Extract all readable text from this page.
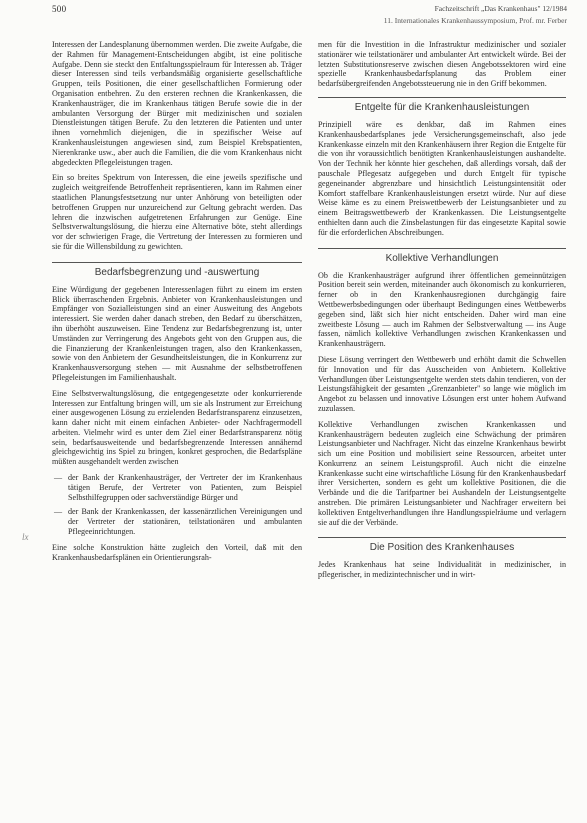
500	Fachzeitschrift „Das Krankenhaus" 12/1984
11. Internationales Krankenhaussymposium, Prof. mr. Ferber
lx

Interessen der Landesplanung übernommen werden. Die zweite Aufgabe, die der Rahmen für Management-Entscheidungen abgibt, ist eine politische Aufgabe. Denn sie steckt den Entfaltungsspielraum für Interessen ab. Träger dieser Interessen sind teils verbandsmäßig organisierte gesellschaftliche Gruppen, teils Positionen, die einer gesellschaftlichen Formierung oder Organisation entbehren. Zu den ersteren rechnen die Krankenkassen, die Krankenhausträger, die im Krankenhaus tätigen Berufe sowie die in der ambulanten Versorgung der Bürger mit medizinischen und sozialen Dienstleistungen tätigen Berufe. Zu den letzteren die Patienten und unter ihnen vornehmlich diejenigen, die in spezifischer Weise auf Krankenhausleistungen angewiesen sind, zum Beispiel Krebspatienten, Nierenkranke usw., aber auch die Familien, die die vom Krankenhaus nicht abgedeckten Pflegeleistungen tragen.

Ein so breites Spektrum von Interessen, die eine jeweils spezifische und zugleich weitgreifende Betroffenheit repräsentieren, kann im Rahmen einer staatlichen Planungsfestsetzung nur unter Anhörung von beteiligten oder betroffenen Gruppen nur unzureichend zur Geltung gebracht werden. Das lehren die inzwischen aufgetretenen Erfahrungen zur Genüge. Eine Selbstverwaltungslösung, die hierzu eine Alternative böte, steht allerdings vor der schwierigen Frage, die Vertretung der Interessen zu formieren und sie für die Willensbildung zu gewichten.

Bedarfsbegrenzung und -auswertung

Eine Würdigung der gegebenen Interessenlagen führt zu einem im ersten Blick überraschenden Ergebnis. Anbieter von Krankenhausleistungen und Empfänger von Sozialleistungen sind an einer Ausweitung des Angebots interessiert. Sie werden daher danach streben, den Bedarf zu überschätzen, ihn überhöht auszuweisen. Eine Tendenz zur Bedarfsbegrenzung ist, unter Umständen zur Verringerung des Angebots geht von den Gruppen aus, die die Finanzierung der Krankenleistungen tragen, also den Krankenkassen, sowie von den Anbietern der Gesundheitsleistungen, die in Konkurrenz zur Krankenhausversorgung stehen — mit Ausnahme der selbstbetroffenen Pflegeleistungen im Familienhaushalt.

Eine Selbstverwaltungslösung, die entgegengesetzte oder konkurrierende Interessen zur Entfaltung bringen will, um sie als Instrument zur Erreichung einer ausgewogenen Lösung zu erzielenden Bedarfstransparenz einzusetzen, kann daher nicht mit einem einfachen Anbieter- oder Nachfragermodell arbeiten. Vielmehr wird es unter dem Ziel einer Bedarfstransparenz nötig sein, bedarfsausweitende und bedarfsbegrenzende Interessen annähernd gleichgewichtig ins Spiel zu bringen, konkret gesprochen, die Bedarfspläne müßten ausgehandelt werden zwischen

— der Bank der Krankenhausträger, der Vertreter der im Krankenhaus tätigen Berufe, der Vertreter von Patienten, zum Beispiel Selbsthilfegruppen oder sachverständige Bürger und
— der Bank der Krankenkassen, der kassenärztlichen Vereinigungen und der Vertreter der stationären, teilstationären und ambulanten Pflegeeinrichtungen.

Eine solche Konstruktion hätte zugleich den Vorteil, daß mit den Krankenhausbedarfsplänen ein Orientierungsrah-

men für die Investition in die Infrastruktur medizinischer und sozialer stationärer wie teilstationärer und ambulanter Art entwickelt würde. Bei der letzten Substitutionsreserve zwischen diesen Angebotssektoren wird eine spezielle Krankenhausbedarfsplanung das Problem einer bedarfsübergreifenden Angebotssteuerung nie in den Griff bekommen.

Entgelte für die Krankenhausleistungen

Prinzipiell wäre es denkbar, daß im Rahmen eines Krankenhausbedarfsplanes jede Versicherungsgemeinschaft, also jede Krankenkasse einzeln mit den Krankenhäusern ihrer Region die Entgelte für die von ihr voraussichtlich benötigten Krankenhausleistungen aushandelte. Von der Technik her könnte hier geschehen, daß allerdings vorsah, daß der pauschale Pflegesatz aufgegeben und durch Entgelt für typische gegeneinander abgrenzbare und hinsichtlich Leistungsintensität oder Komfort staffelbare Krankenhausleistungen ersetzt würde. Nur auf diese Weise käme es zu einem Preiswettbewerb der Leistungsanbieter und zu einem Beitragswettbewerb der Krankenkassen. Die Leistungsentgelte enthielten dann auch die Zinsbelastungen für das eingesetzte Kapital sowie für die erforderlichen Abschreibungen.

Kollektive Verhandlungen

Ob die Krankenhausträger aufgrund ihrer öffentlichen gemeinnützigen Position bereit sein werden, miteinander auch ökonomisch zu konkurrieren, ferner ob in den Krankenhausregionen durchgängig faire Wettbewerbsbedingungen oder überhaupt Bedingungen eines Wettbewerbs gegeben sind, läßt sich hier nicht entscheiden. Daher wird man eine zweitbeste Lösung — auch im Rahmen der Selbstverwaltung — ins Auge fassen, nämlich kollektive Verhandlungen zwischen Krankenkassen und Krankenhausträgern.

Diese Lösung verringert den Wettbewerb und erhöht damit die Schwellen für Innovation und für das Ausscheiden von Anbietern. Kollektive Verhandlungen über Leistungsentgelte werden stets dahin tendieren, von der Leistungsfähigkeit der gesamten „Grenzanbieter" so lange wie möglich im Angebot zu belassen und innovative Lösungen erst unter hohem Aufwand zuzulassen.

Kollektive Verhandlungen zwischen Krankenkassen und Krankenhausträgern bedeuten zugleich eine Schwächung der primären Leistungsanbieter und Nachfrager. Nicht das einzelne Krankenhaus bewirbt sich um eine Position und mobilisiert seine Ressourcen, arbeitet unter Konkurrenz an seinem Leistungsprofil. Auch nicht die einzelne Krankenkasse sucht eine wirtschaftliche Lösung für den Krankenhausbedarf ihrer Versicherten, sondern es geht um kollektive Positionen, die die Verbände und die die Tarifpartner bei Aushandeln der Leistungsentgelte anstreben. Die primären Leistungsanbieter und Nachfrager erweitern bei kollektiven Entgeltverhandlungen ihre Handlungsspielräume und verlagern sie auf die der Verbände.

Die Position des Krankenhauses

Jedes Krankenhaus hat seine Individualität in medizinischer, in pflegerischer, in medizintechnischer und in wirt-
